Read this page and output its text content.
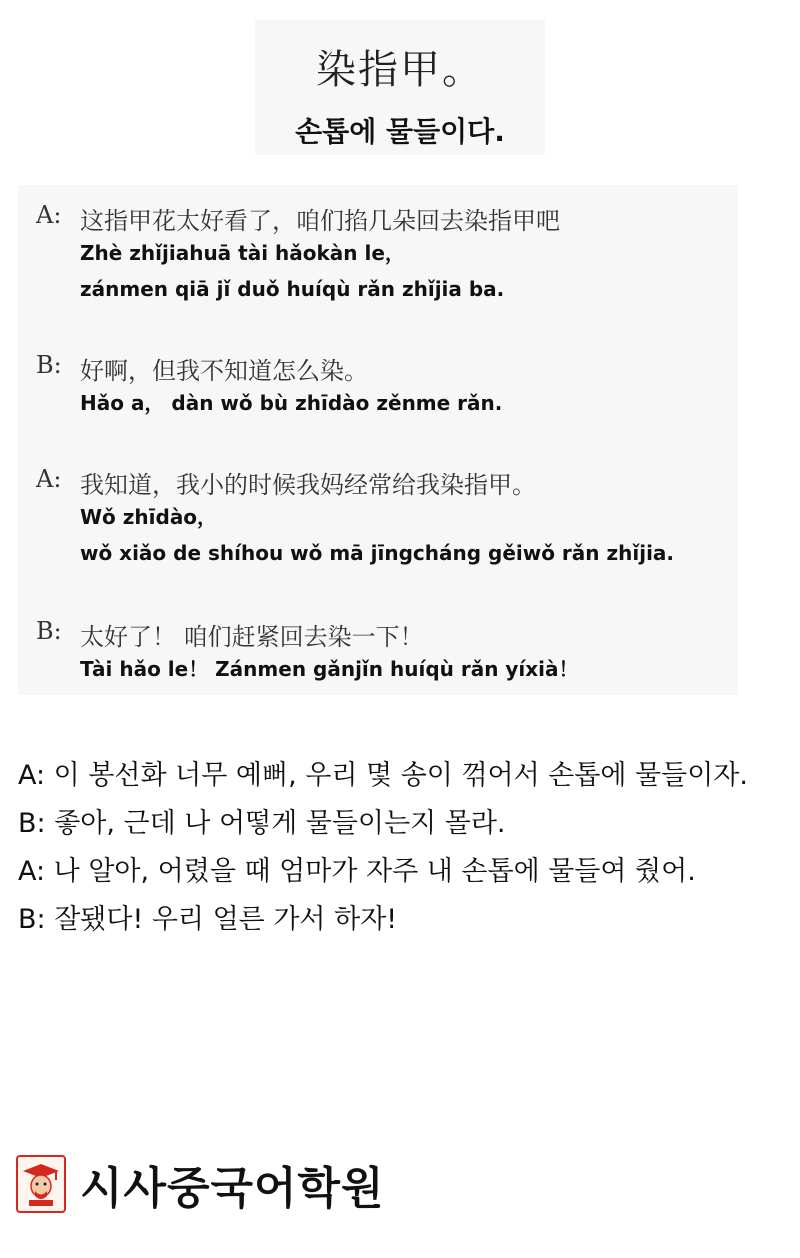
染指甲。
손톱에 물들이다.
A: 这指甲花太好看了，咱们掐几朵回去染指甲吧
Zhè zhǐjiahuā tài hǎokàn le，
zánmen qiā jǐ duǒ huíqù rǎn zhǐjia ba.
B: 好啊，但我不知道怎么染。
Hǎo a， dàn wǒ bù zhīdào zěnme rǎn.
A: 我知道，我小的时候我妈经常给我染指甲。
Wǒ zhīdào，
wǒ xiǎo de shíhou wǒ mā jīngcháng gěiwǒ rǎn zhǐjia.
B: 太好了！ 咱们赶紧回去染一下！
Tài hǎo le！ Zánmen gǎnjǐn huíqù rǎn yíxià！
A: 이 봉선화 너무 예뻐, 우리 몇 송이 꺾어서 손톱에 물들이자.
B: 좋아, 근데 나 어떻게 물들이는지 몰라.
A: 나 알아, 어렸을 때 엄마가 자주 내 손톱에 물들여 줬어.
B: 잘됐다! 우리 얼른 가서 하자!
시사중국어학원
